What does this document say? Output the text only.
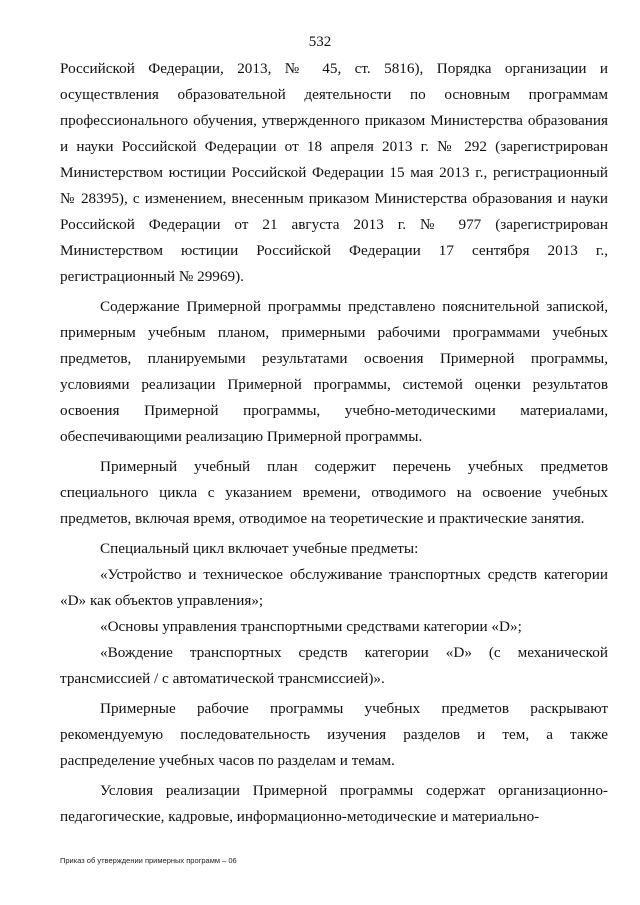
532

Российской Федерации, 2013, № 45, ст. 5816), Порядка организации и осуществления образовательной деятельности по основным программам профессионального обучения, утвержденного приказом Министерства образования и науки Российской Федерации от 18 апреля 2013 г. № 292 (зарегистрирован Министерством юстиции Российской Федерации 15 мая 2013 г., регистрационный № 28395), с изменением, внесенным приказом Министерства образования и науки Российской Федерации от 21 августа 2013 г. № 977 (зарегистрирован Министерством юстиции Российской Федерации 17 сентября 2013 г., регистрационный № 29969).

Содержание Примерной программы представлено пояснительной запиской, примерным учебным планом, примерными рабочими программами учебных предметов, планируемыми результатами освоения Примерной программы, условиями реализации Примерной программы, системой оценки результатов освоения Примерной программы, учебно-методическими материалами, обеспечивающими реализацию Примерной программы.

Примерный учебный план содержит перечень учебных предметов специального цикла с указанием времени, отводимого на освоение учебных предметов, включая время, отводимое на теоретические и практические занятия.

Специальный цикл включает учебные предметы:

«Устройство и техническое обслуживание транспортных средств категории «D» как объектов управления»;

«Основы управления транспортными средствами категории «D»;

«Вождение транспортных средств категории «D» (с механической трансмиссией / с автоматической трансмиссией)».

Примерные рабочие программы учебных предметов раскрывают рекомендуемую последовательность изучения разделов и тем, а также распределение учебных часов по разделам и темам.

Условия реализации Примерной программы содержат организационно-педагогические, кадровые, информационно-методические и материально-

Приказ об утверждении примерных программ – 06
